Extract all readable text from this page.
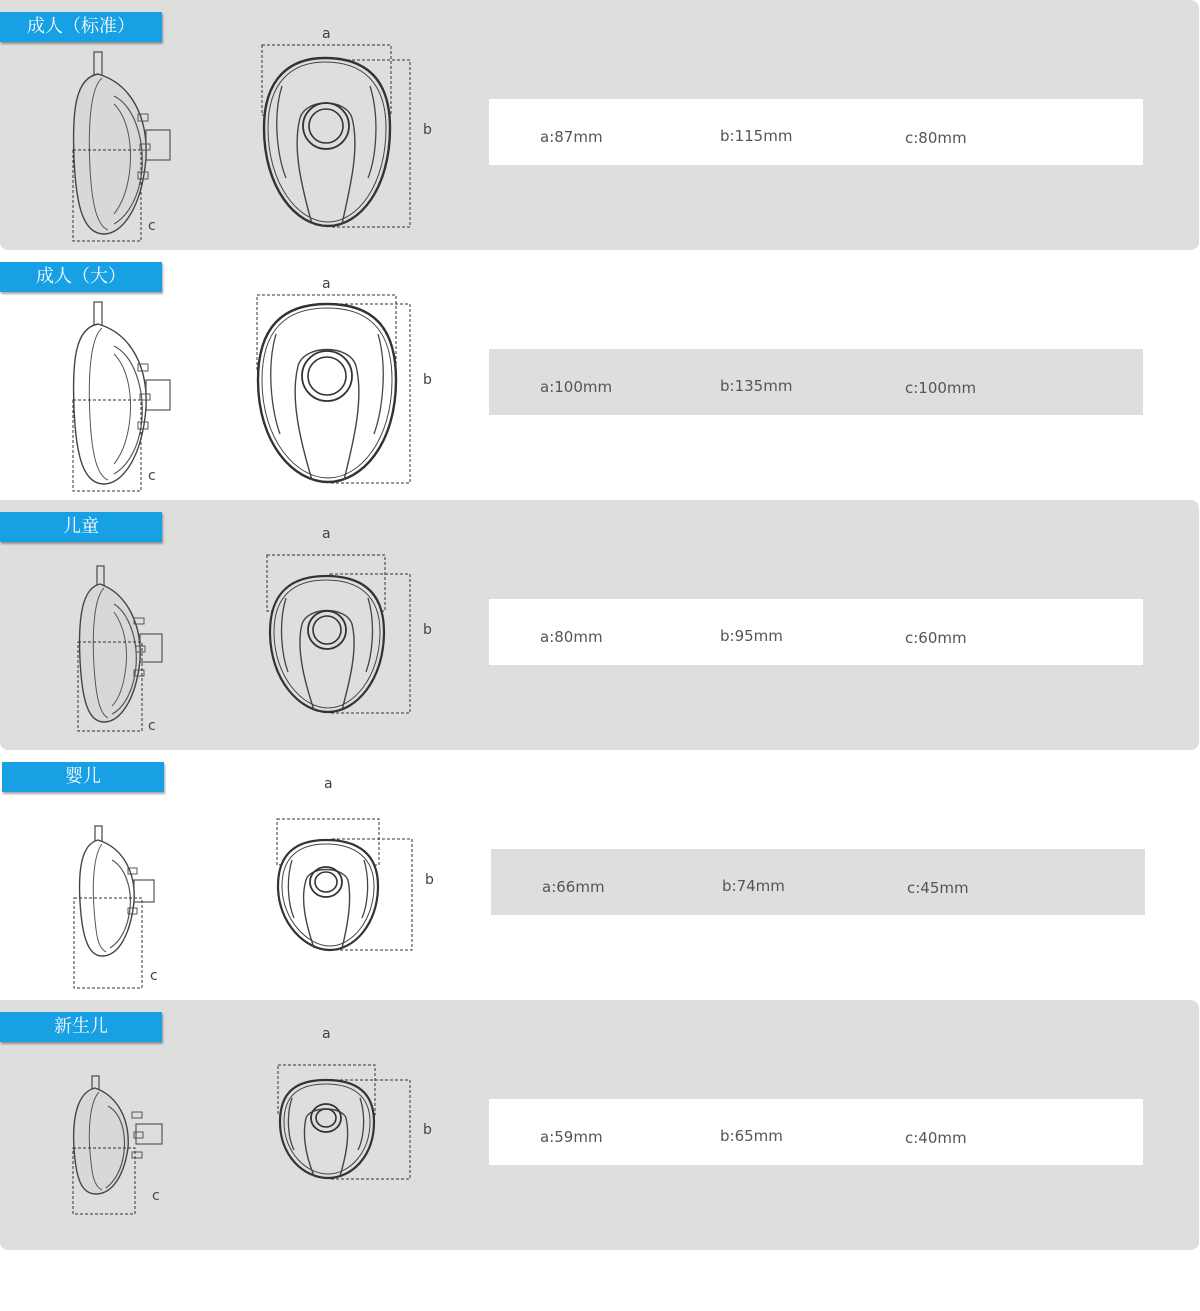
成人（标准）
c
a
b	a:87mm	b:115mm	c:80mm
成人（大）
c
a
b	a:100mm	b:135mm	c:100mm
儿童
c
a
b	a:80mm	b:95mm	c:60mm
婴儿
c
a
b	a:66mm	b:74mm	c:45mm
新生儿
c
a
b	a:59mm	b:65mm	c:40mm
